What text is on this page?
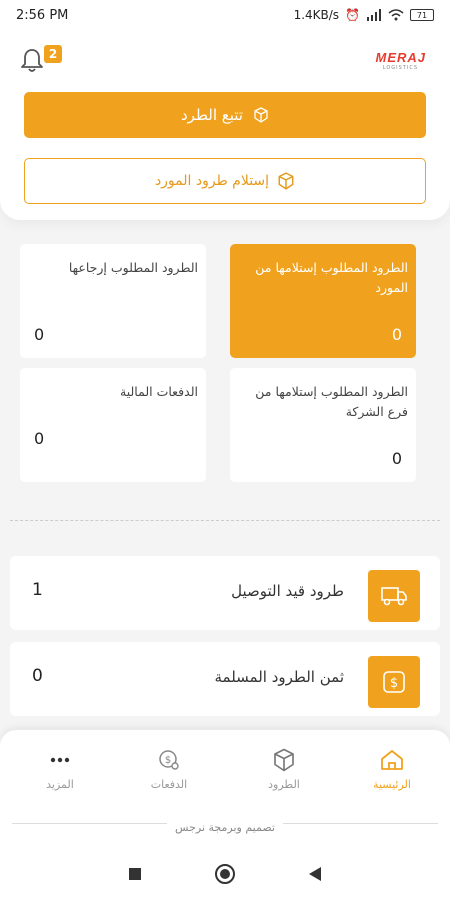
2:56 PM	1.4KB/s ⏰	71
2	MERAJ
LOGISTICS
تتبع الطرد
إستلام طرود المورد
الطرود المطلوب إستلامها من المورد
0
الطرود المطلوب إرجاعها
0
الطرود المطلوب إستلامها من فرع الشركة
0
الدفعات المالية
0
طرود قيد التوصيل
1
$
ثمن الطرود المسلمة
0
الرئيسية
الطرود
$
الدفعات
المزيد
تصميم وبرمجة نرجس
